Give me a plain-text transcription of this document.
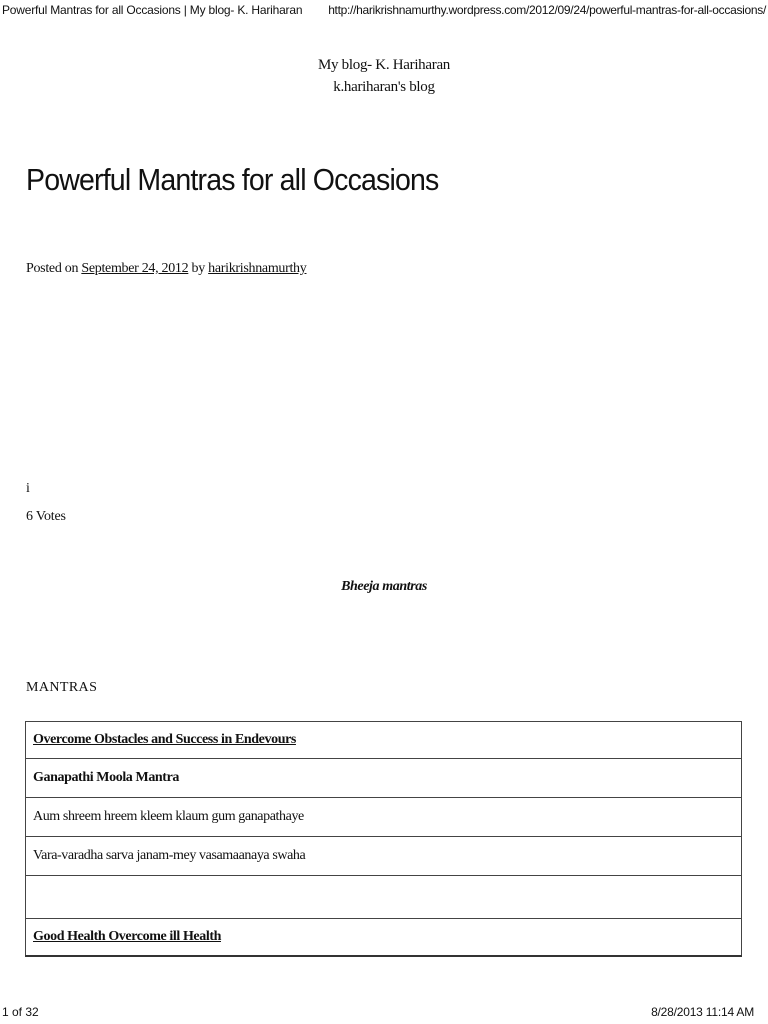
Powerful Mantras for all Occasions | My blog- K. Hariharan http://harikrishnamurthy.wordpress.com/2012/09/24/powerful-mantras-for-all-occasions/
My blog- K. Hariharan
k.hariharan's blog
Powerful Mantras for all Occasions
Posted on September 24, 2012 by harikrishnamurthy
i
6 Votes
Bheeja mantras
MANTRAS
Overcome Obstacles and Success in Endevours
Ganapathi Moola Mantra
Aum shreem hreem kleem klaum gum ganapathaye
Vara-varadha sarva janam-mey vasamaanaya swaha

Good Health Overcome ill Health
1 of 32	8/28/2013 11:14 AM
